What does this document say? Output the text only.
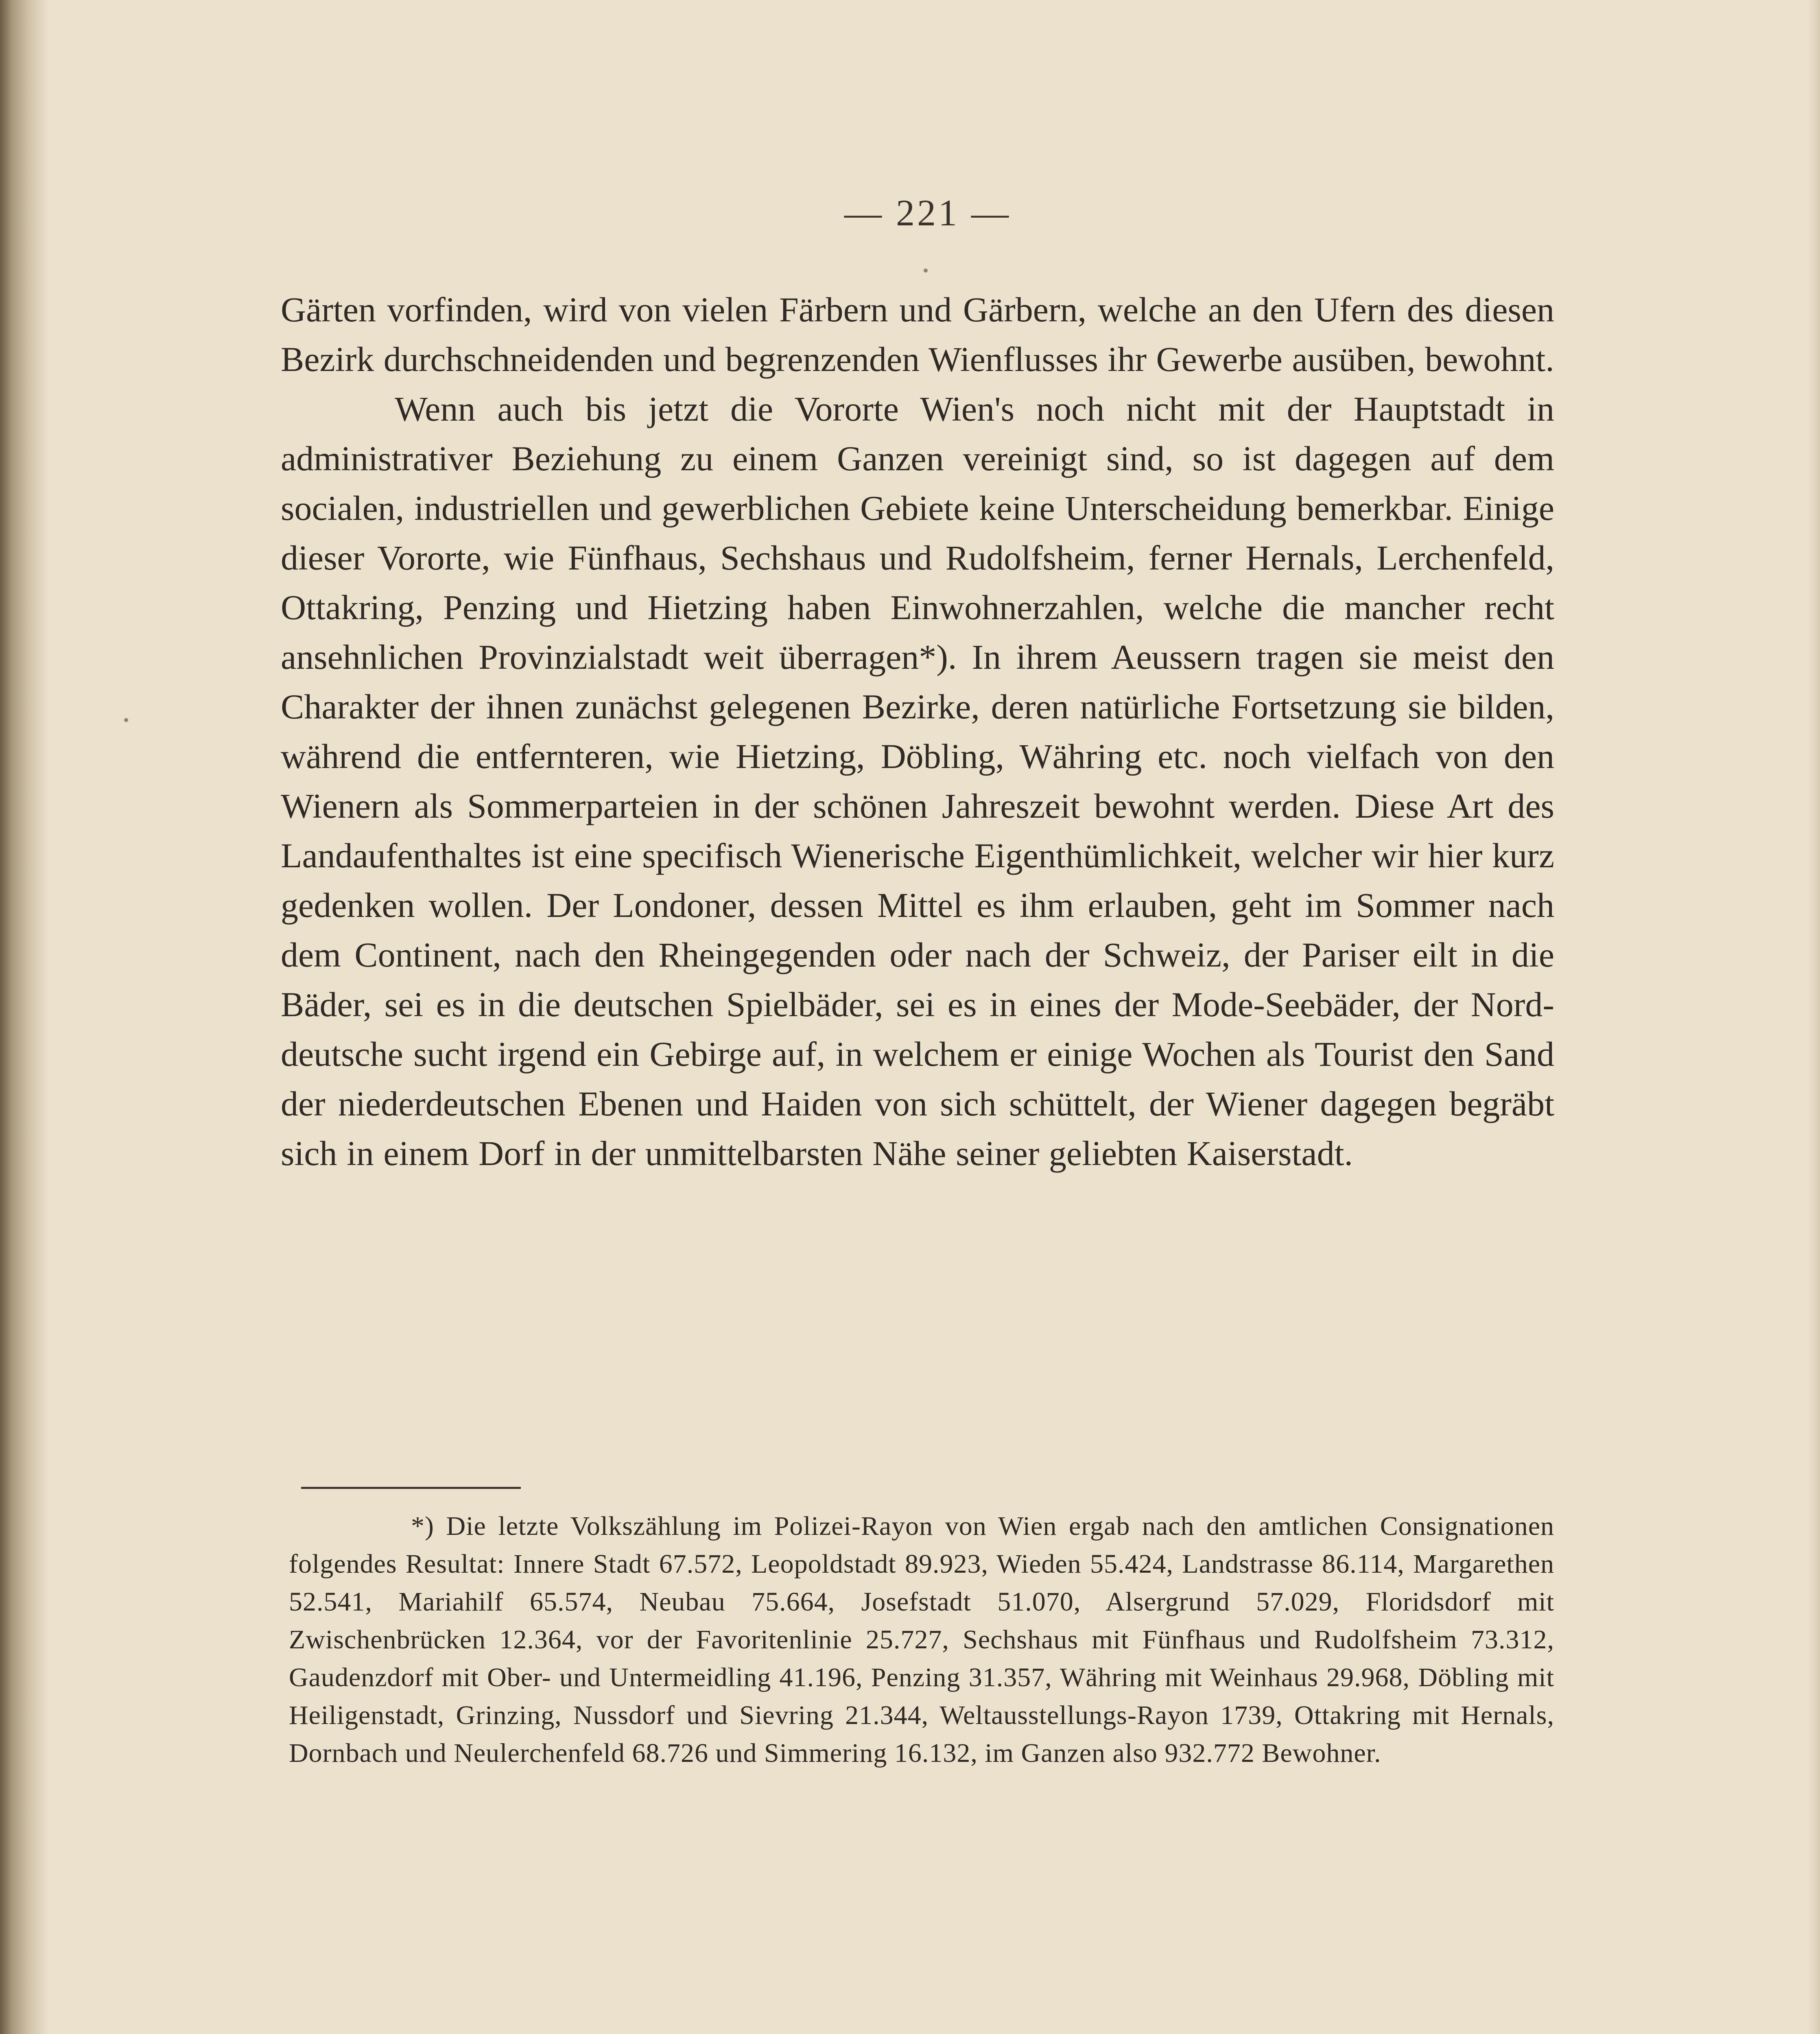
— 221 —

Gärten vorfinden, wird von vielen Färbern und Gärbern, welche an den Ufern des diesen Bezirk durchschneidenden und begrenzenden Wienflusses ihr Gewerbe ausüben, bewohnt.

Wenn auch bis jetzt die Vororte Wien's noch nicht mit der Hauptstadt in administrativer Beziehung zu einem Ganzen vereinigt sind, so ist dagegen auf dem socialen, industriellen und gewerblichen Gebiete keine Unterscheidung bemerkbar. Einige dieser Vororte, wie Fünfhaus, Sechshaus und Rudolfsheim, ferner Hernals, Lerchenfeld, Ottakring, Penzing und Hietzing haben Einwohnerzahlen, welche die mancher recht ansehnlichen Provinzialstadt weit überragen*). In ihrem Aeussern tragen sie meist den Charakter der ihnen zunächst gelegenen Bezirke, deren natürliche Fortsetzung sie bilden, während die entfernteren, wie Hietzing, Döbling, Währing etc. noch vielfach von den Wienern als Sommerparteien in der schönen Jahreszeit bewohnt werden. Diese Art des Landaufenthaltes ist eine specifisch Wienerische Eigenthümlichkeit, welcher wir hier kurz gedenken wollen. Der Londoner, dessen Mittel es ihm erlauben, geht im Sommer nach dem Continent, nach den Rheingegenden oder nach der Schweiz, der Pariser eilt in die Bäder, sei es in die deutschen Spielbäder, sei es in eines der Mode-Seebäder, der Norddeutsche sucht irgend ein Gebirge auf, in welchem er einige Wochen als Tourist den Sand der niederdeutschen Ebenen und Haiden von sich schüttelt, der Wiener dagegen begräbt sich in einem Dorf in der unmittelbarsten Nähe seiner geliebten Kaiserstadt.

*) Die letzte Volkszählung im Polizei-Rayon von Wien ergab nach den amtlichen Consignationen folgendes Resultat: Innere Stadt 67.572, Leopoldstadt 89.923, Wieden 55.424, Landstrasse 86.114, Margarethen 52.541, Mariahilf 65.574, Neubau 75.664, Josefstadt 51.070, Alsergrund 57.029, Floridsdorf mit Zwischenbrücken 12.364, vor der Favoritenlinie 25.727, Sechshaus mit Fünfhaus und Rudolfsheim 73.312, Gaudenzdorf mit Ober- und Untermeidling 41.196, Penzing 31.357, Währing mit Weinhaus 29.968, Döbling mit Heiligenstadt, Grinzing, Nussdorf und Sievring 21.344, Weltausstellungs-Rayon 1739, Ottakring mit Hernals, Dornbach und Neulerchenfeld 68.726 und Simmering 16.132, im Ganzen also 932.772 Bewohner.
